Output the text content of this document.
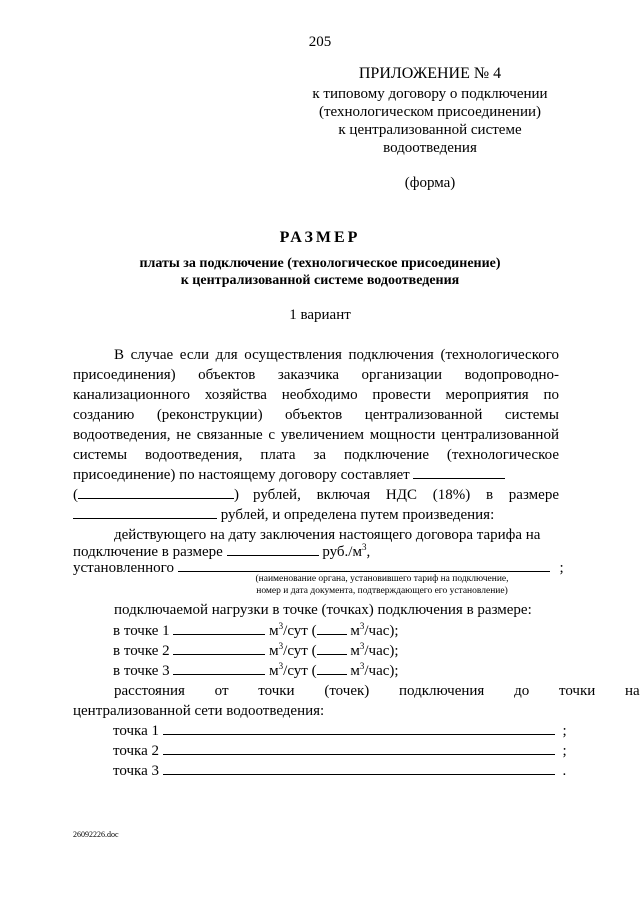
205
ПРИЛОЖЕНИЕ № 4
к типовому договору о подключении
(технологическом присоединении)
к централизованной системе
водоотведения
(форма)
РАЗМЕР
платы за подключение (технологическое присоединение)
к централизованной системе водоотведения
1 вариант
В случае если для осуществления подключения (технологического присоединения) объектов заказчика организации водопроводно-канализационного хозяйства необходимо провести мероприятия по созданию (реконструкции) объектов централизованной системы водоотведения, не связанные с увеличением мощности централизованной системы водоотведения, плата за подключение (технологическое присоединение) по настоящему договору составляет
(	) рублей, включая НДС (18%) в размере
рублей, и определена путем произведения:
действующего на дату заключения настоящего договора тарифа на
подключение в размере	$руб./м^3$,
установленного	;
(наименование органа, установившего тариф на подключение,
номер и дата документа, подтверждающего его установление)
подключаемой нагрузки в точке (точках) подключения в размере:
в точке 1	$м^3$/сут ( $м^3/час$);
в точке 2	$м^3$/сут ( $м^3/час$);
в точке 3	$м^3$/сут ( $м^3/час$);
расстояния от точки (точек) подключения до точки на
централизованной сети водоотведения:
точка 1	;
точка 2	;
точка 3	.
26092226.doc
